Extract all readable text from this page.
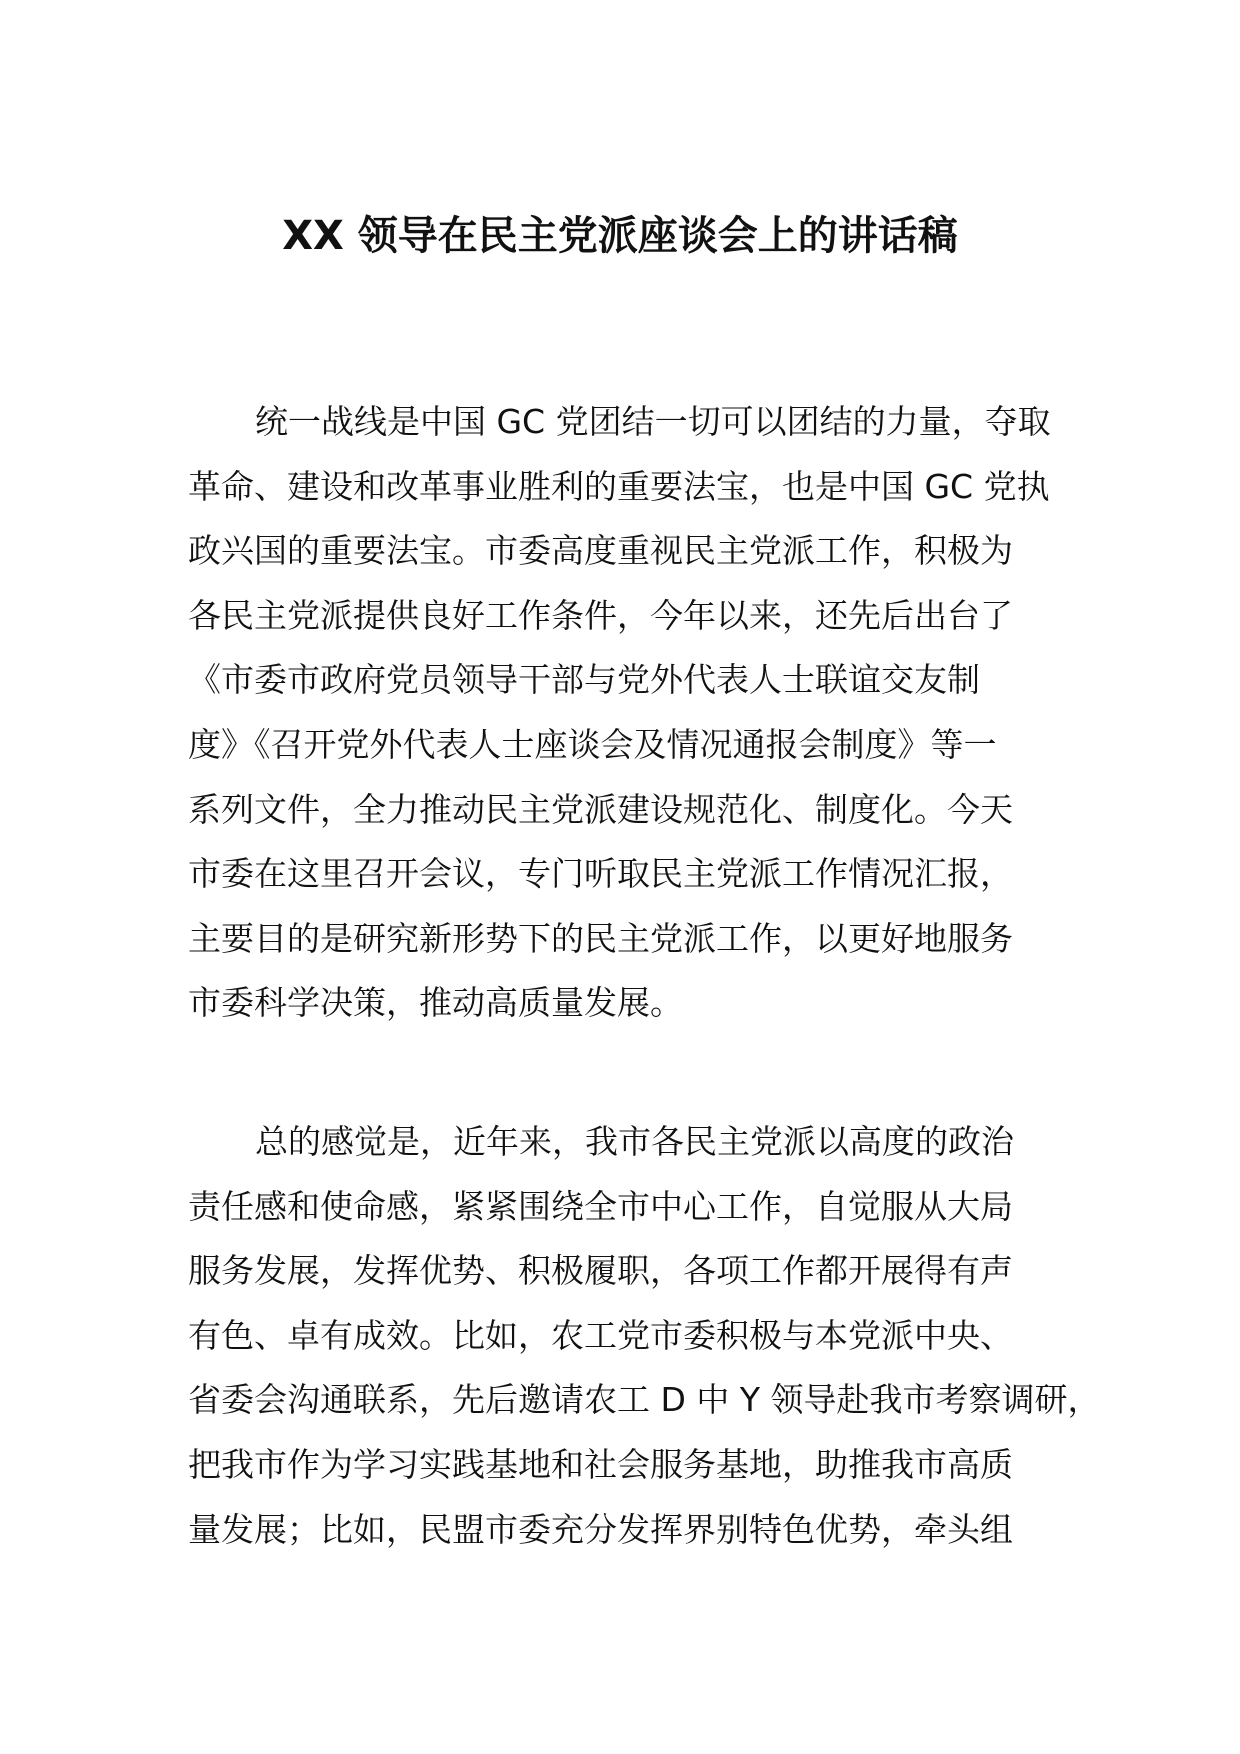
XX 领导在民主党派座谈会上的讲话稿
统一战线是中国 GC 党团结一切可以团结的力量，夺取
革命、建设和改革事业胜利的重要法宝，也是中国 GC 党执
政兴国的重要法宝。市委高度重视民主党派工作，积极为
各民主党派提供良好工作条件，今年以来，还先后出台了
《市委市政府党员领导干部与党外代表人士联谊交友制
度》《召开党外代表人士座谈会及情况通报会制度》等一
系列文件，全力推动民主党派建设规范化、制度化。今天
市委在这里召开会议，专门听取民主党派工作情况汇报，
主要目的是研究新形势下的民主党派工作，以更好地服务
市委科学决策，推动高质量发展。
总的感觉是，近年来，我市各民主党派以高度的政治
责任感和使命感，紧紧围绕全市中心工作，自觉服从大局
服务发展，发挥优势、积极履职，各项工作都开展得有声
有色、卓有成效。比如，农工党市委积极与本党派中央、
省委会沟通联系，先后邀请农工 D 中 Y 领导赴我市考察调研，
把我市作为学习实践基地和社会服务基地，助推我市高质
量发展；比如，民盟市委充分发挥界别特色优势，牵头组
